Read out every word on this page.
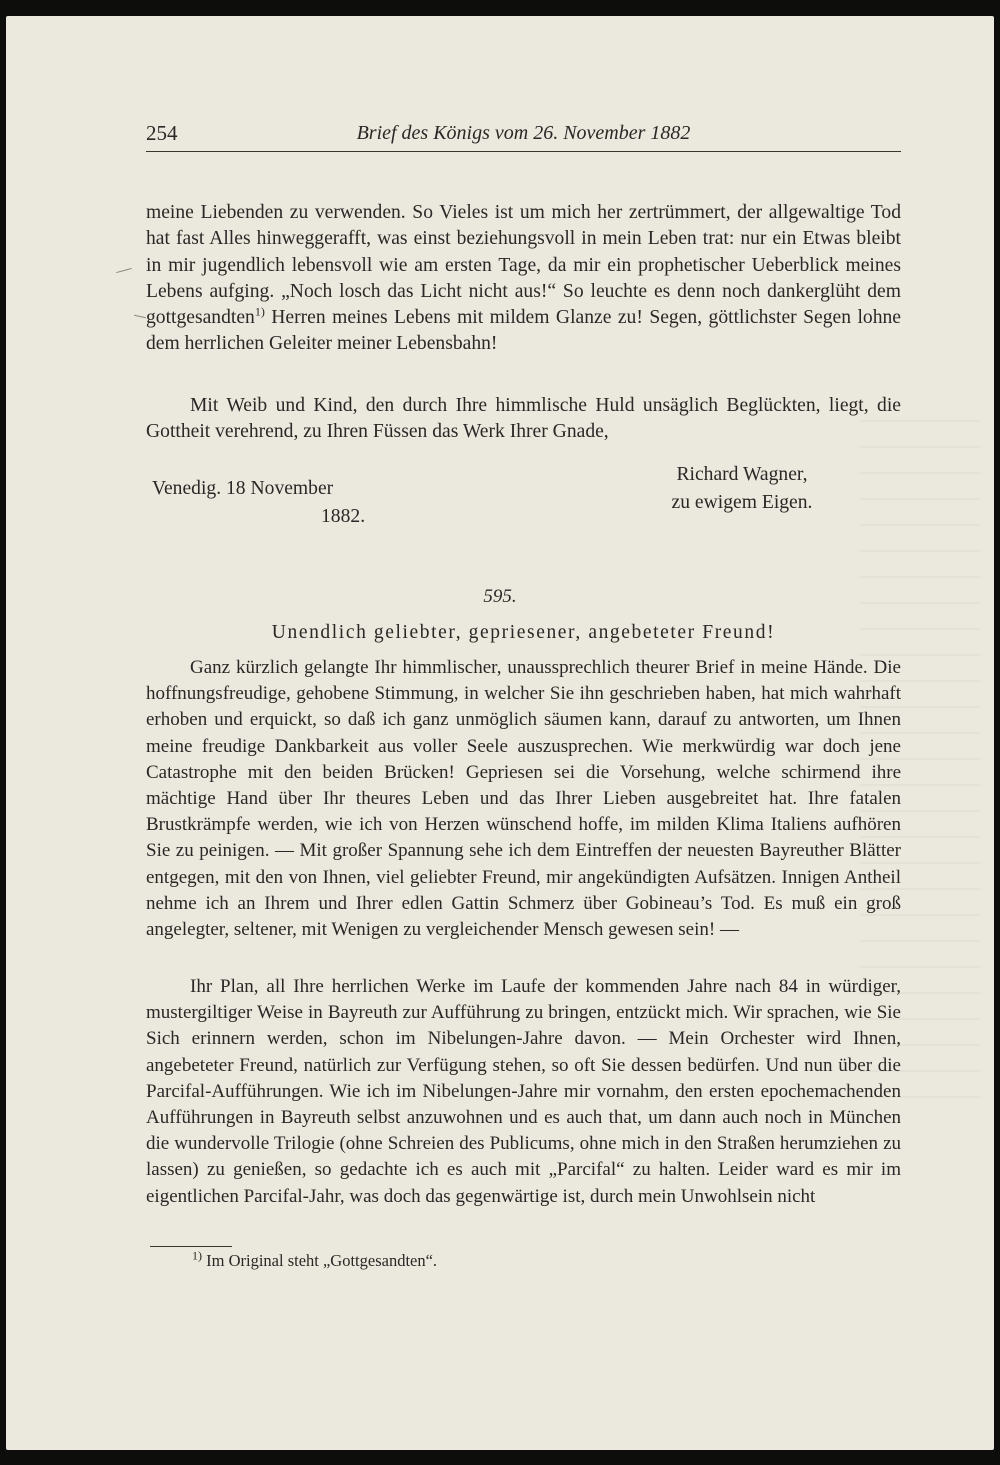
254	Brief des Königs vom 26. November 1882

meine Liebenden zu verwenden. So Vieles ist um mich her zertrümmert, der allgewaltige Tod hat fast Alles hinweggerafft, was einst beziehungsvoll in mein Leben trat: nur ein Etwas bleibt in mir jugendlich lebensvoll wie am ersten Tage, da mir ein prophetischer Ueberblick meines Lebens aufging. „Noch losch das Licht nicht aus!“ So leuchte es denn noch dankerglüht dem gottgesandten$^{1)}$ Herren meines Lebens mit mildem Glanze zu! Segen, göttlichster Segen lohne dem herrlichen Geleiter meiner Lebensbahn!

Mit Weib und Kind, den durch Ihre himmlische Huld unsäglich Beglückten, liegt, die Gottheit verehrend, zu Ihren Füssen das Werk Ihrer Gnade,

Venedig. 18 November
1882.
Richard Wagner,
zu ewigem Eigen.
595.
Unendlich geliebter, gepriesener, angebeteter Freund!

Ganz kürzlich gelangte Ihr himmlischer, unaussprechlich theurer Brief in meine Hände. Die hoffnungsfreudige, gehobene Stimmung, in welcher Sie ihn geschrieben haben, hat mich wahrhaft erhoben und erquickt, so daß ich ganz unmöglich säumen kann, darauf zu antworten, um Ihnen meine freudige Dankbarkeit aus voller Seele auszusprechen. Wie merkwürdig war doch jene Catastrophe mit den beiden Brücken! Gepriesen sei die Vorsehung, welche schirmend ihre mächtige Hand über Ihr theures Leben und das Ihrer Lieben ausgebreitet hat. Ihre fatalen Brustkrämpfe werden, wie ich von Herzen wünschend hoffe, im milden Klima Italiens aufhören Sie zu peinigen. — Mit großer Spannung sehe ich dem Eintreffen der neuesten Bayreuther Blätter entgegen, mit den von Ihnen, viel geliebter Freund, mir angekündigten Aufsätzen. Innigen Antheil nehme ich an Ihrem und Ihrer edlen Gattin Schmerz über Gobineau’s Tod. Es muß ein groß angelegter, seltener, mit Wenigen zu vergleichender Mensch gewesen sein! —

Ihr Plan, all Ihre herrlichen Werke im Laufe der kommenden Jahre nach 84 in würdiger, mustergiltiger Weise in Bayreuth zur Aufführung zu bringen, entzückt mich. Wir sprachen, wie Sie Sich erinnern werden, schon im Nibelungen-Jahre davon. — Mein Orchester wird Ihnen, angebeteter Freund, natürlich zur Verfügung stehen, so oft Sie dessen bedürfen. Und nun über die Parcifal-Aufführungen. Wie ich im Nibelungen-Jahre mir vornahm, den ersten epochemachenden Aufführungen in Bayreuth selbst anzuwohnen und es auch that, um dann auch noch in München die wundervolle Trilogie (ohne Schreien des Publicums, ohne mich in den Straßen herumziehen zu lassen) zu genießen, so gedachte ich es auch mit „Parcifal“ zu halten. Leider ward es mir im eigentlichen Parcifal-Jahr, was doch das gegenwärtige ist, durch mein Unwohlsein nicht

$^{1)}$ Im Original steht „Gottgesandten“.
